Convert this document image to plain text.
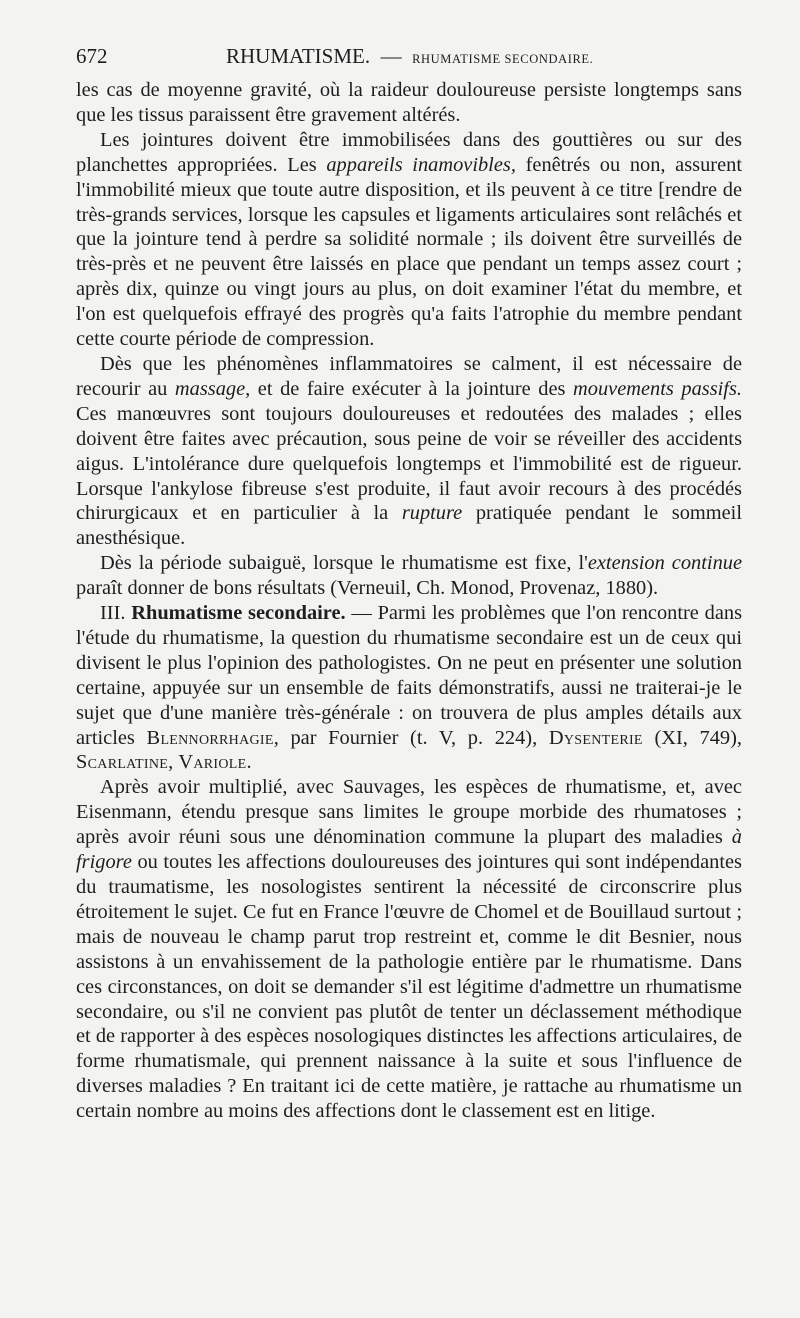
672	RHUMATISME. — RHUMATISME SECONDAIRE.

les cas de moyenne gravité, où la raideur douloureuse persiste longtemps sans que les tissus paraissent être gravement altérés.

Les jointures doivent être immobilisées dans des gouttières ou sur des planchettes appropriées. Les appareils inamovibles, fenêtrés ou non, assurent l'immobilité mieux que toute autre disposition, et ils peuvent à ce titre [rendre de très-grands services, lorsque les capsules et ligaments articulaires sont relâchés et que la jointure tend à perdre sa solidité normale ; ils doivent être surveillés de très-près et ne peuvent être laissés en place que pendant un temps assez court ; après dix, quinze ou vingt jours au plus, on doit examiner l'état du membre, et l'on est quelquefois effrayé des progrès qu'a faits l'atrophie du membre pendant cette courte période de compression.

Dès que les phénomènes inflammatoires se calment, il est nécessaire de recourir au massage, et de faire exécuter à la jointure des mouvements passifs. Ces manœuvres sont toujours douloureuses et redoutées des malades ; elles doivent être faites avec précaution, sous peine de voir se réveiller des accidents aigus. L'intolérance dure quelquefois longtemps et l'immobilité est de rigueur. Lorsque l'ankylose fibreuse s'est produite, il faut avoir recours à des procédés chirurgicaux et en particulier à la rupture pratiquée pendant le sommeil anesthésique.

Dès la période subaiguë, lorsque le rhumatisme est fixe, l'extension continue paraît donner de bons résultats (Verneuil, Ch. Monod, Provenaz, 1880).

III. Rhumatisme secondaire. — Parmi les problèmes que l'on rencontre dans l'étude du rhumatisme, la question du rhumatisme secondaire est un de ceux qui divisent le plus l'opinion des pathologistes. On ne peut en présenter une solution certaine, appuyée sur un ensemble de faits démonstratifs, aussi ne traiterai-je le sujet que d'une manière très-générale : on trouvera de plus amples détails aux articles Blennorrhagie, par Fournier (t. V, p. 224), Dysenterie (XI, 749), Scarlatine, Variole.

Après avoir multiplié, avec Sauvages, les espèces de rhumatisme, et, avec Eisenmann, étendu presque sans limites le groupe morbide des rhumatoses ; après avoir réuni sous une dénomination commune la plupart des maladies à frigore ou toutes les affections douloureuses des jointures qui sont indépendantes du traumatisme, les nosologistes sentirent la nécessité de circonscrire plus étroitement le sujet. Ce fut en France l'œuvre de Chomel et de Bouillaud surtout ; mais de nouveau le champ parut trop restreint et, comme le dit Besnier, nous assistons à un envahissement de la pathologie entière par le rhumatisme. Dans ces circonstances, on doit se demander s'il est légitime d'admettre un rhumatisme secondaire, ou s'il ne convient pas plutôt de tenter un déclassement méthodique et de rapporter à des espèces nosologiques distinctes les affections articulaires, de forme rhumatismale, qui prennent naissance à la suite et sous l'influence de diverses maladies ? En traitant ici de cette matière, je rattache au rhumatisme un certain nombre au moins des affections dont le classement est en litige.
